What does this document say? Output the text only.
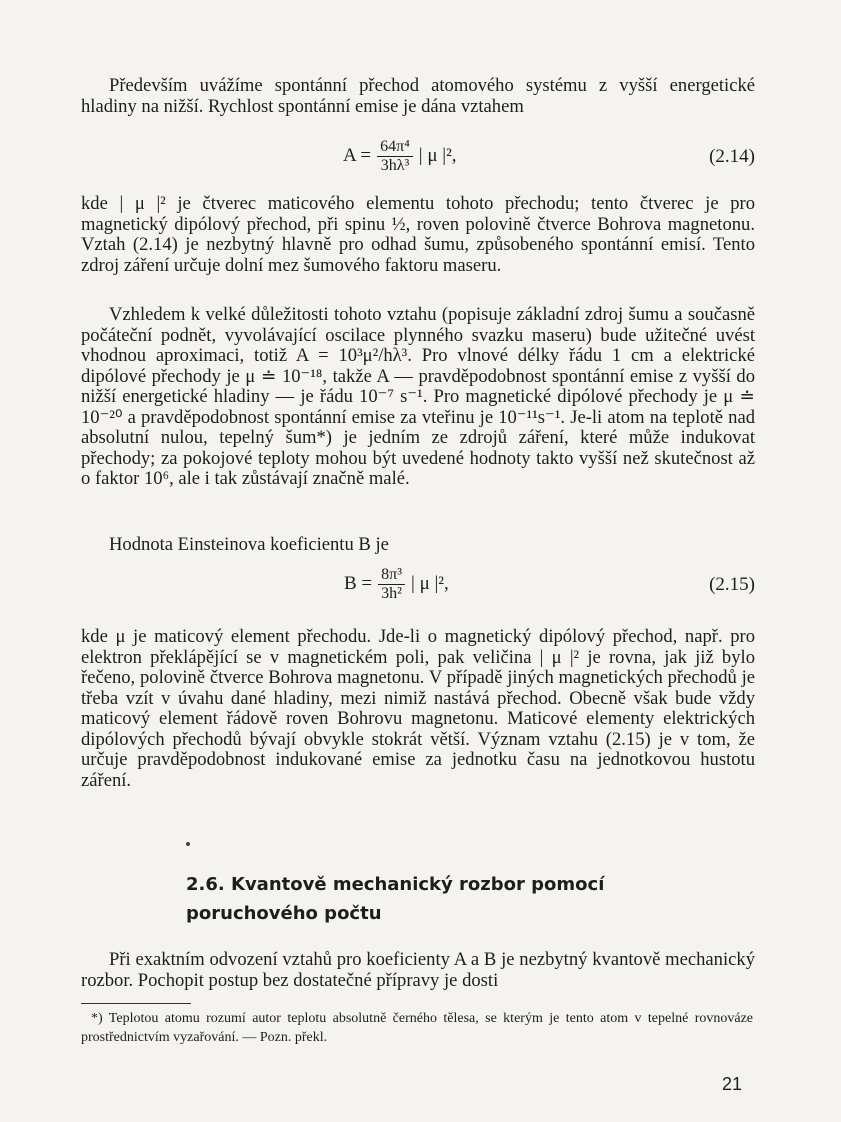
Především uvážíme spontánní přechod atomového systému z vyšší energetické hladiny na nižší. Rychlost spontánní emise je dána vztahem

$A = \frac{\text{64π⁴}}{\text{3hλ³}}$ | μ |²,	(2.14)

kde | μ |² je čtverec maticového elementu tohoto přechodu; tento čtverec je pro magnetický dipólový přechod, při spinu ½, roven polovině čtverce Bohrova magnetonu. Vztah (2.14) je nezbytný hlavně pro odhad šumu, způsobeného spontánní emisí. Tento zdroj záření určuje dolní mez šumového faktoru maseru.

Vzhledem k velké důležitosti tohoto vztahu (popisuje základní zdroj šumu a současně počáteční podnět, vyvolávající oscilace plynného svazku maseru) bude užitečné uvést vhodnou aproximaci, totiž A = 10³μ²/hλ³. Pro vlnové délky řádu 1 cm a elektrické dipólové přechody je μ ≐ 10⁻¹⁸, takže A — pravděpodobnost spontánní emise z vyšší do nižší energetické hladiny — je řádu 10⁻⁷ s⁻¹. Pro magnetické dipólové přechody je μ ≐ 10⁻²⁰ a pravděpodobnost spontánní emise za vteřinu je 10⁻¹¹s⁻¹. Je-li atom na teplotě nad absolutní nulou, tepelný šum*) je jedním ze zdrojů záření, které může indukovat přechody; za pokojové teploty mohou být uvedené hodnoty takto vyšší než skutečnost až o faktor 10⁶, ale i tak zůstávají značně malé.

Hodnota Einsteinova koeficientu B je

$B = \frac{\text{8π³}}{\text{3h²}}$ | μ |²,	(2.15)

kde μ je maticový element přechodu. Jde-li o magnetický dipólový přechod, např. pro elektron překlápějící se v magnetickém poli, pak veličina | μ |² je rovna, jak již bylo řečeno, polovině čtverce Bohrova magnetonu. V případě jiných magnetických přechodů je třeba vzít v úvahu dané hladiny, mezi nimiž nastává přechod. Obecně však bude vždy maticový element řádově roven Bohrovu magnetonu. Maticové elementy elektrických dipólových přechodů bývají obvykle stokrát větší. Význam vztahu (2.15) je v tom, že určuje pravděpodobnost indukované emise za jednotku času na jednotkovou hustotu záření.

2.6. Kvantově mechanický rozbor pomocí poruchového počtu

Při exaktním odvození vztahů pro koeficienty A a B je nezbytný kvantově mechanický rozbor. Pochopit postup bez dostatečné přípravy je dosti

*) Teplotou atomu rozumí autor teplotu absolutně černého tělesa, se kterým je tento atom v tepelné rovnováze prostřednictvím vyzařování. — Pozn. překl.

21
